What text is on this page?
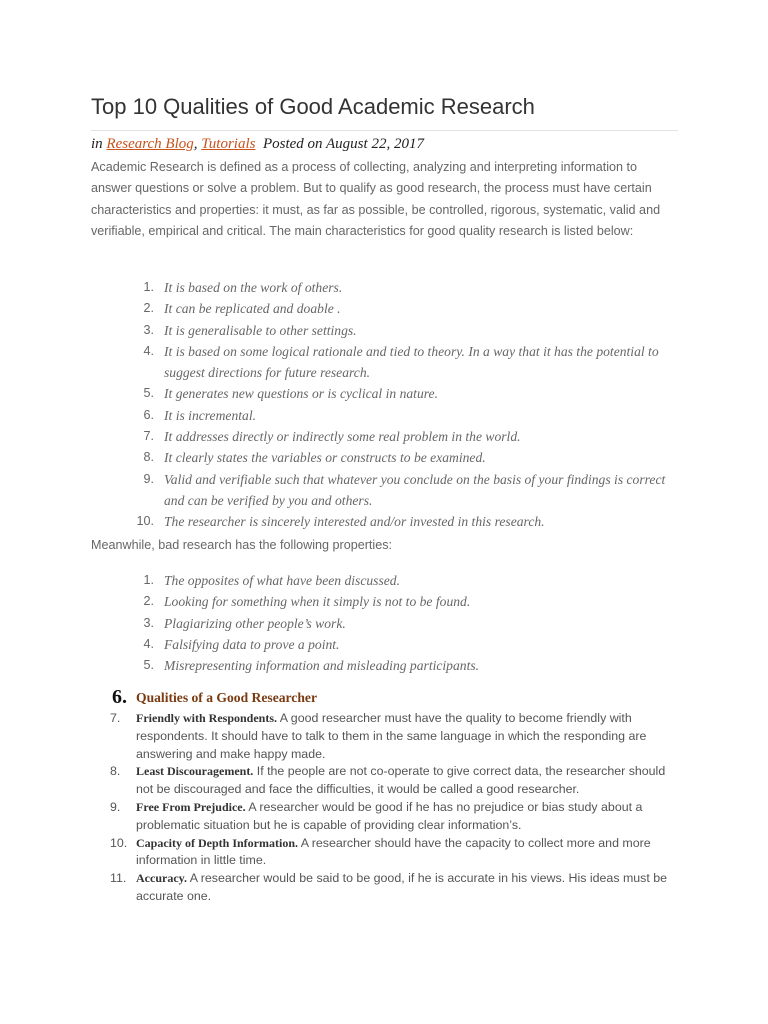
Top 10 Qualities of Good Academic Research
in Research Blog, Tutorials Posted on August 22, 2017

Academic Research is defined as a process of collecting, analyzing and interpreting information to answer questions or solve a problem. But to qualify as good research, the process must have certain characteristics and properties: it must, as far as possible, be controlled, rigorous, systematic, valid and verifiable, empirical and critical. The main characteristics for good quality research is listed below:

1. It is based on the work of others.
2. It can be replicated and doable .
3. It is generalisable to other settings.
4. It is based on some logical rationale and tied to theory. In a way that it has the potential to suggest directions for future research.
5. It generates new questions or is cyclical in nature.
6. It is incremental.
7. It addresses directly or indirectly some real problem in the world.
8. It clearly states the variables or constructs to be examined.
9. Valid and verifiable such that whatever you conclude on the basis of your findings is correct and can be verified by you and others.
10. The researcher is sincerely interested and/or invested in this research.
Meanwhile, bad research has the following properties:
1. The opposites of what have been discussed.
2. Looking for something when it simply is not to be found.
3. Plagiarizing other people’s work.
4. Falsifying data to prove a point.
5. Misrepresenting information and misleading participants.
6. Qualities of a Good Researcher
7.	Friendly with Respondents. A good researcher must have the quality to become friendly with respondents. It should have to talk to them in the same language in which the responding are answering and make happy made.
8.	Least Discouragement. If the people are not co-operate to give correct data, the researcher should not be discouraged and face the difficulties, it would be called a good researcher.
9.	Free From Prejudice. A researcher would be good if he has no prejudice or bias study about a problematic situation but he is capable of providing clear information’s.
10. Capacity of Depth Information. A researcher should have the capacity to collect more and more information in little time.
11. Accuracy. A researcher would be said to be good, if he is accurate in his views. His ideas must be accurate one.
